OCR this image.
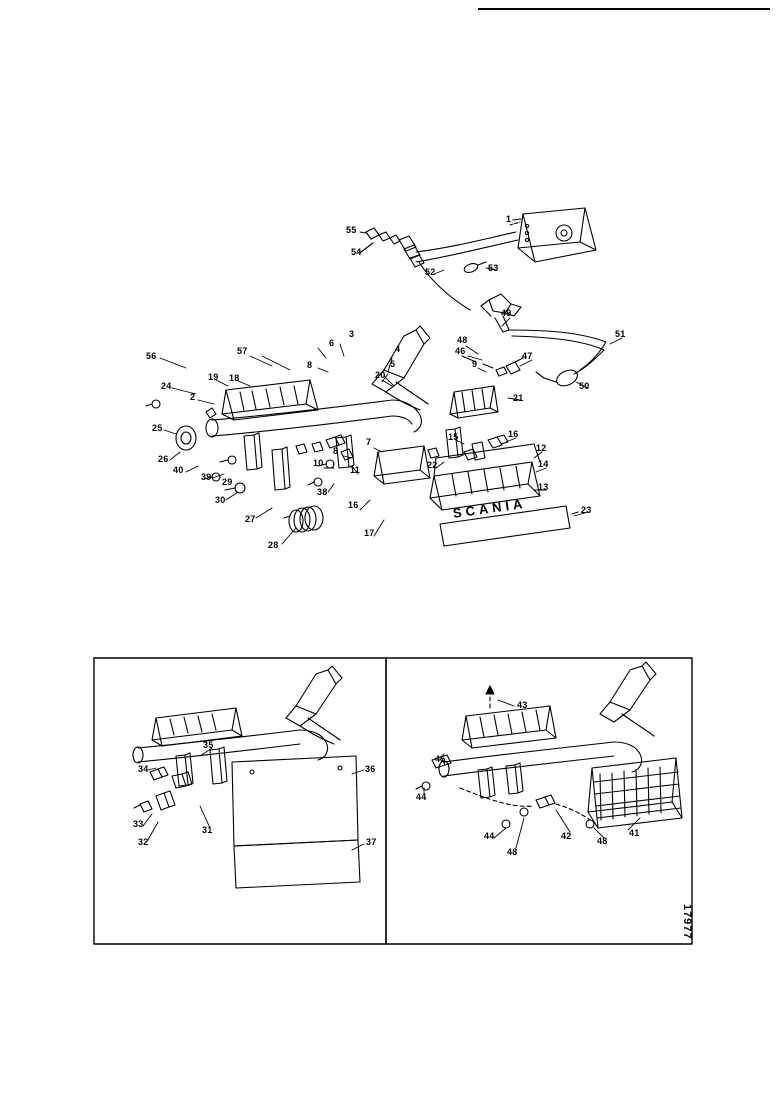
SCANIA
1
2
3
4
5
6
7
8
8
9
10
11
12
13
14
15	16
16
17
18
19	20
21
22
23
24
25
26
27
28
29
30
38
39
40
46	47
48
49
50
51
52	53
54
55
56	57
31
32
33
34
35
36
37
41
42
43
44
44
45
48
48
17977
